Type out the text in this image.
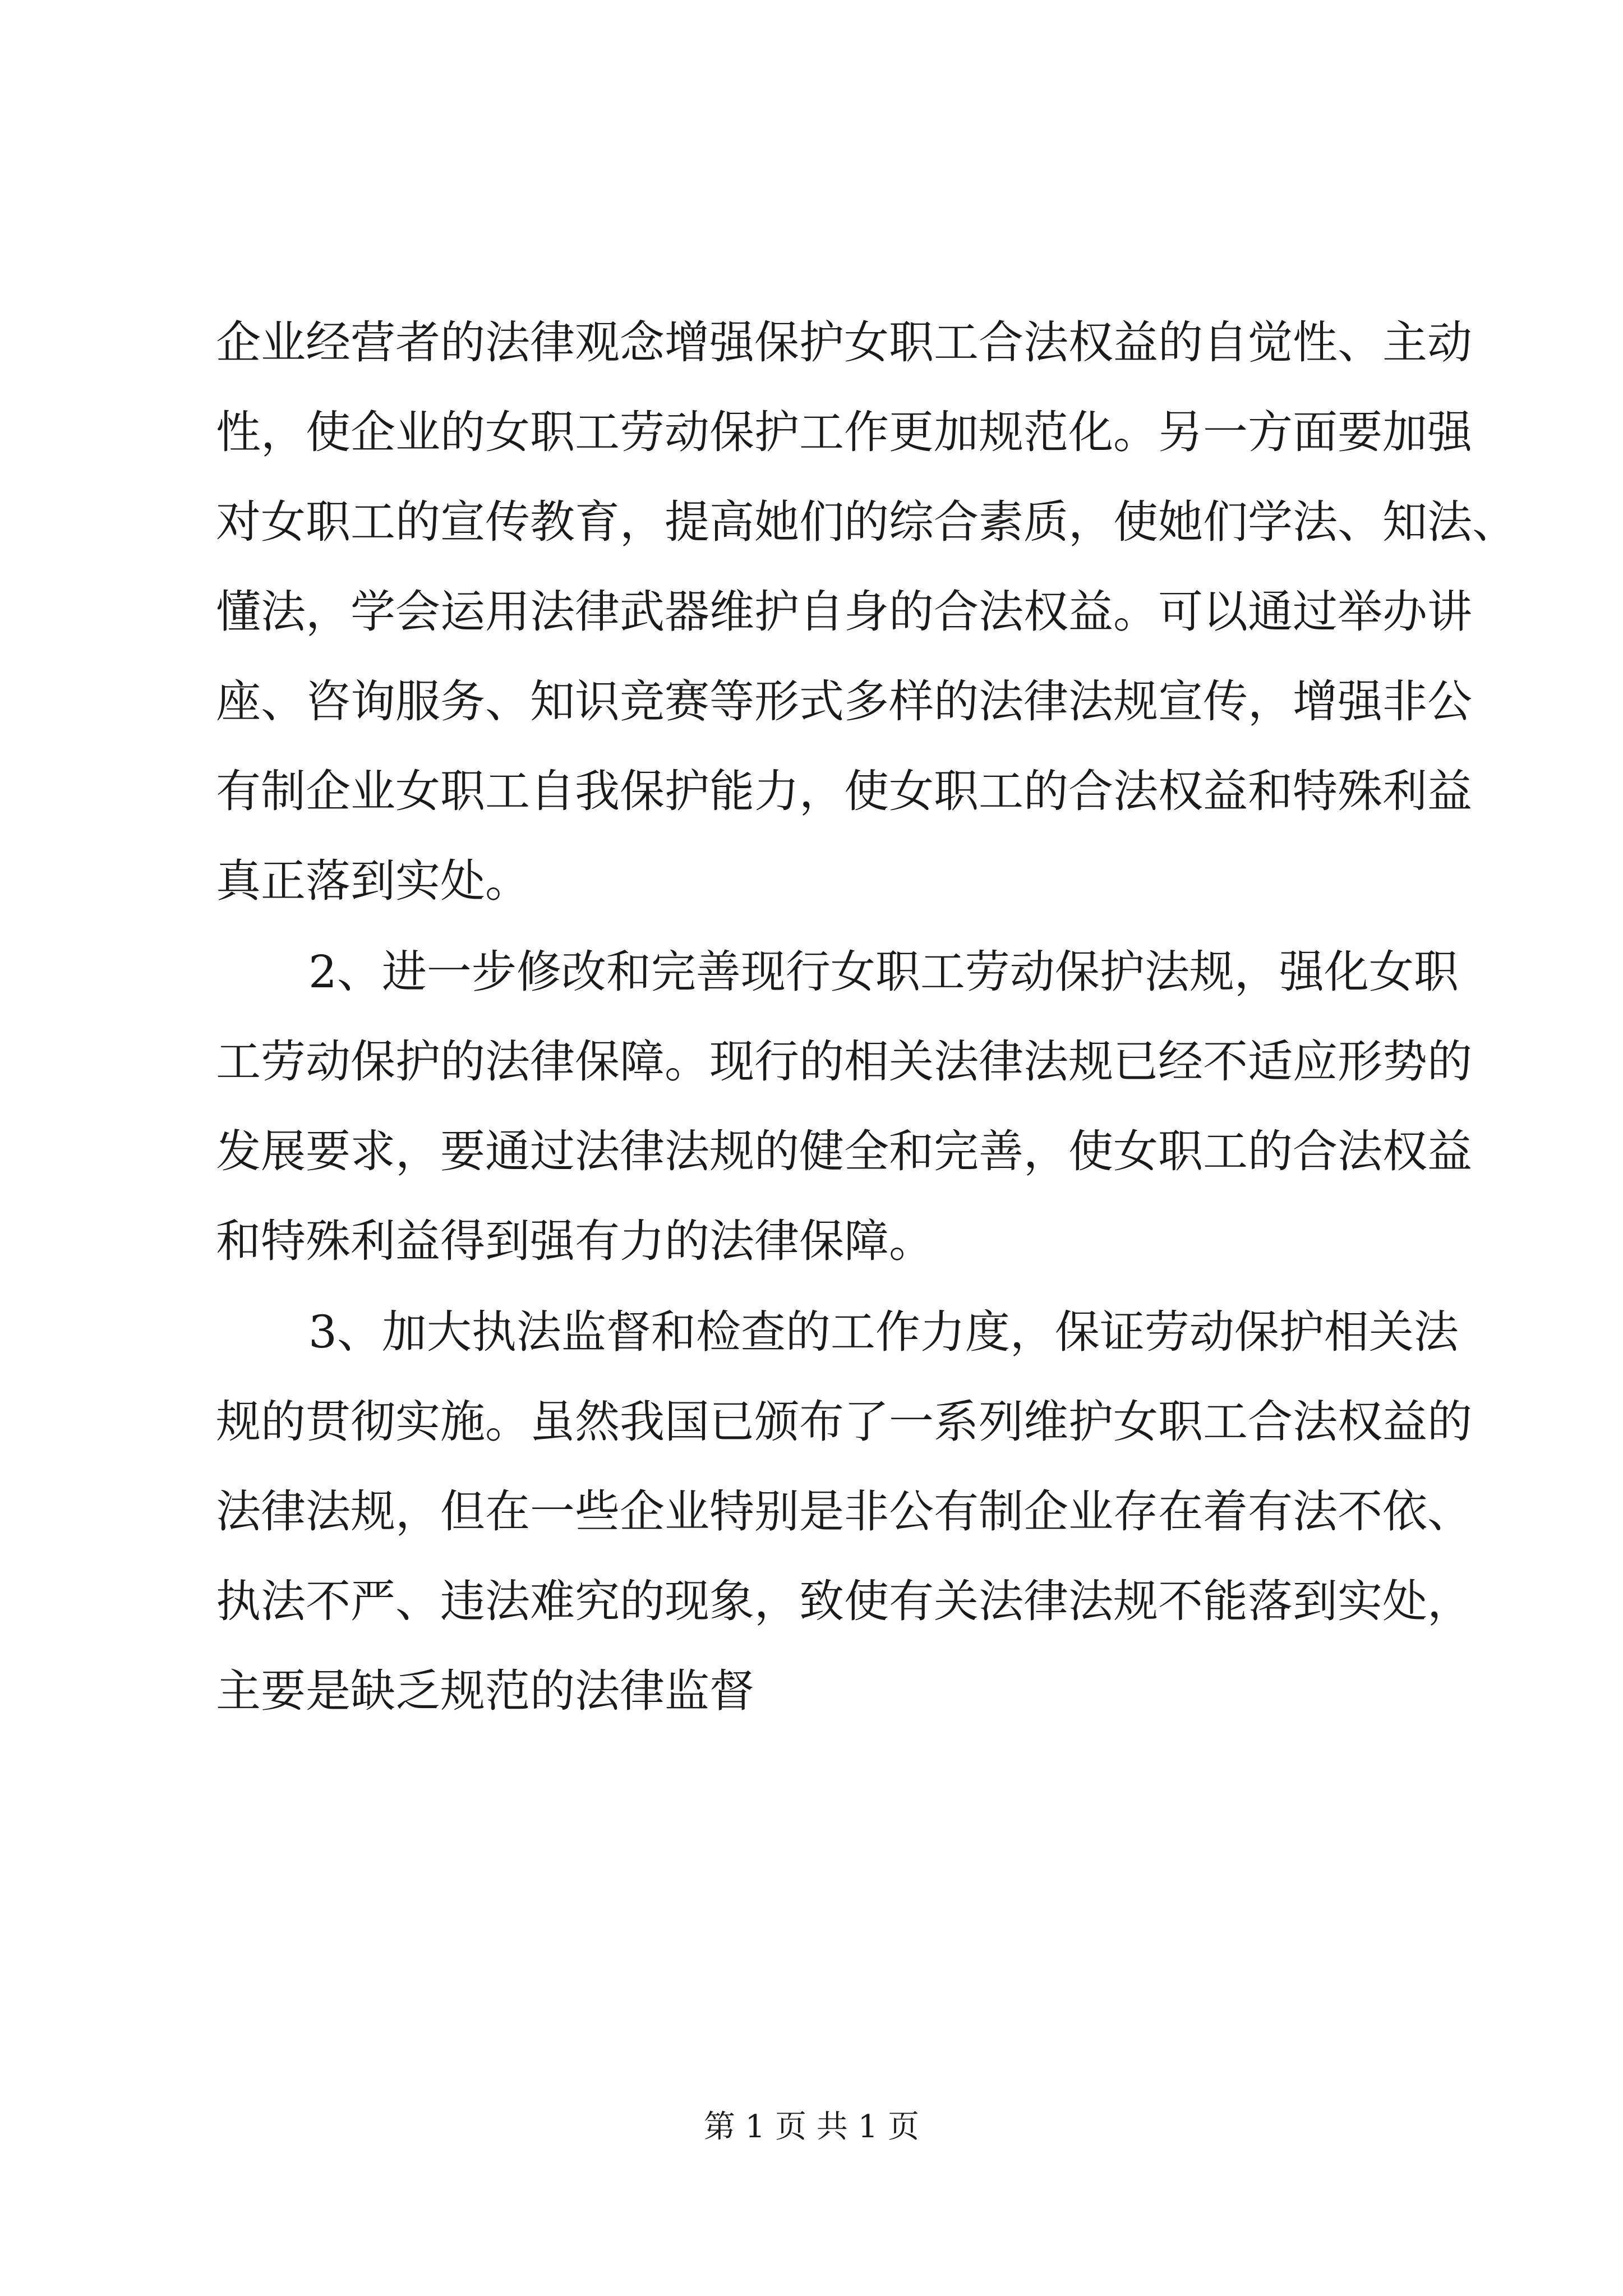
企业经营者的法律观念增强保护女职工合法权益的自觉性、主动
性，使企业的女职工劳动保护工作更加规范化。另一方面要加强
对女职工的宣传教育，提高她们的综合素质，使她们学法、知法、
懂法，学会运用法律武器维护自身的合法权益。可以通过举办讲
座、咨询服务、知识竞赛等形式多样的法律法规宣传，增强非公
有制企业女职工自我保护能力，使女职工的合法权益和特殊利益
真正落到实处。
2、进一步修改和完善现行女职工劳动保护法规，强化女职
工劳动保护的法律保障。现行的相关法律法规已经不适应形势的
发展要求，要通过法律法规的健全和完善，使女职工的合法权益
和特殊利益得到强有力的法律保障。
3、加大执法监督和检查的工作力度，保证劳动保护相关法
规的贯彻实施。虽然我国已颁布了一系列维护女职工合法权益的
法律法规，但在一些企业特别是非公有制企业存在着有法不依、
执法不严、违法难究的现象，致使有关法律法规不能落到实处，
主要是缺乏规范的法律监督
第 1 页 共 1 页
